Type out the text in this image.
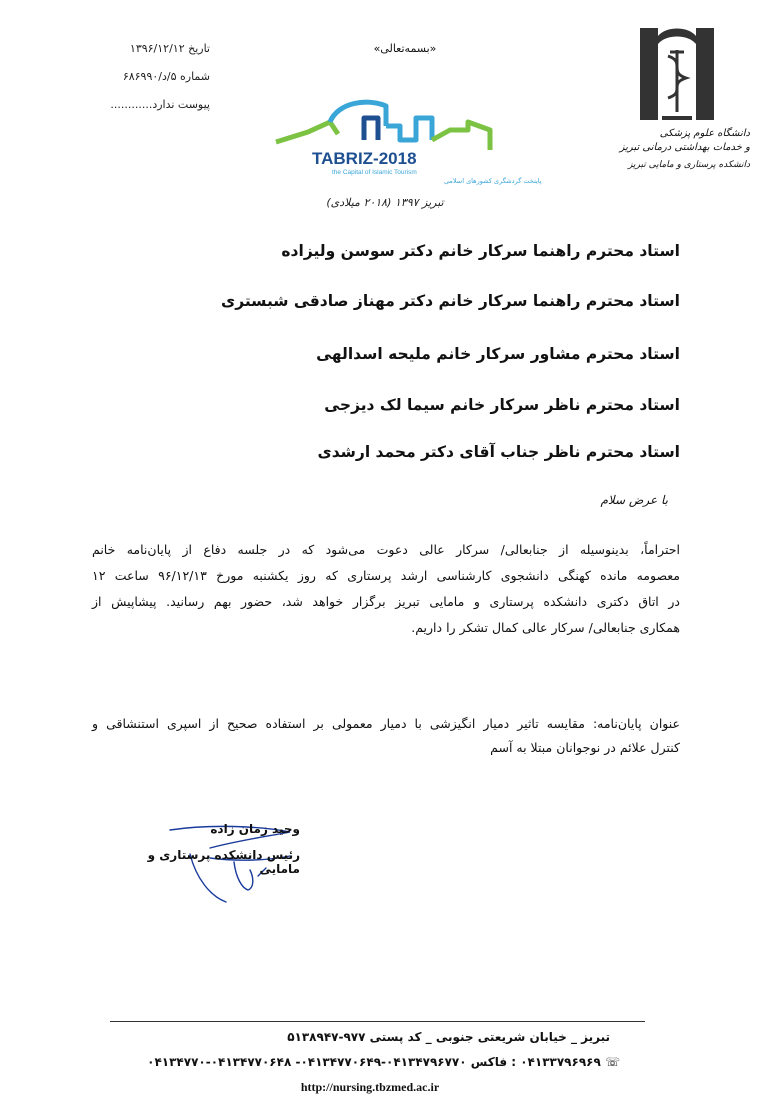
تاریخ ۱۳۹۶/۱۲/۱۲
شماره ۵/د/۶۸۶۹۹۰
پیوست ندارد............
«بسمه‌تعالی»
TABRIZ-2018
the Capital of Islamic Tourism
پایتخت گردشگری کشورهای اسلامی
تبریز ۱۳۹۷ (۲۰۱۸ میلادی)
دانشگاه علوم پزشکی
و خدمات بهداشتی درمانی تبریز
دانشکده پرستاری و مامایی تبریز
استاد محترم راهنما سرکار خانم دکتر سوسن ولیزاده
استاد محترم راهنما سرکار خانم دکتر مهناز صادقی شبستری
استاد محترم مشاور سرکار خانم ملیحه اسدالهی
استاد محترم ناظر سرکار خانم سیما لک دیزجی
استاد محترم ناظر جناب آقای دکتر محمد ارشدی
با عرض سلام
احتراماً، بدینوسیله از جنابعالی/ سرکار عالی دعوت می‌شود که در جلسه دفاع از پایان‌نامه خانم
معصومه مانده کهنگی دانشجوی کارشناسی ارشد پرستاری که روز یکشنبه مورخ ۹۶/۱۲/۱۳ ساعت ۱۲
در اتاق دکتری دانشکده پرستاری و مامایی تبریز برگزار خواهد شد، حضور بهم رسانید. پیشاپیش از
همکاری جنابعالی/ سرکار عالی کمال تشکر را داریم.
عنوان پایان‌نامه: مقایسه تاثیر دمیار انگیزشی با دمیار معمولی بر استفاده صحیح از اسپری استنشاقی و
کنترل علائم در نوجوانان مبتلا به آسم
وحید زمان زاده
رئیس دانشکده پرستاری و مامایی
تبریز _ خیابان شریعتی جنوبی _ کد پستی ۹۷۷-۵۱۳۸۹۴۷
☏ ۰۴۱۳۳۷۹۶۹۶۹ : فاکس ۰۴۱۳۴۷۹۶۷۷۰-۰۴۱۳۴۷۷۰۶۴۹- ۰۴۱۳۴۷۷۰۶۴۸-۰۴۱۳۴۷۷۰
http://nursing.tbzmed.ac.ir
